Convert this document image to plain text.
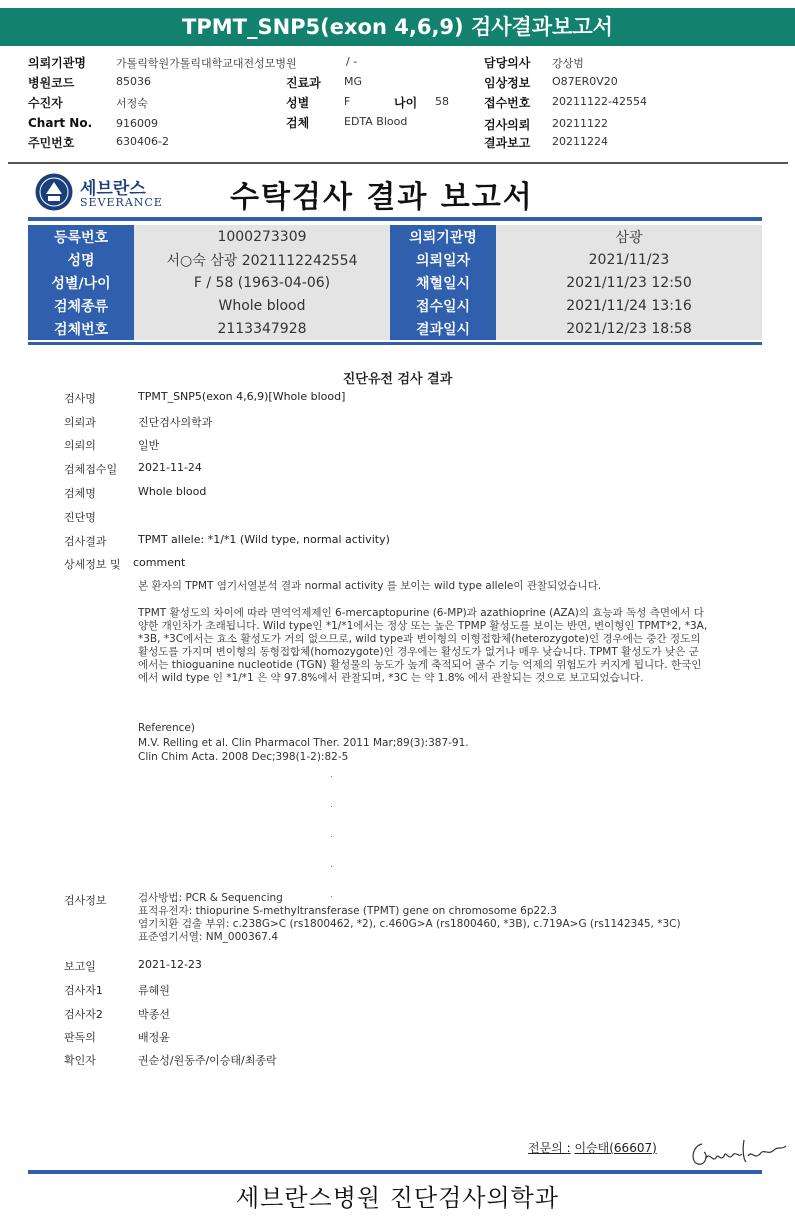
TPMT_SNP5(exon 4,6,9) 검사결과보고서
의뢰기관명	가톨릭학원가톨릭대학교대전성모병원	/ -	담당의사 강상범
병원코드	85036	진료과 MG	임상정보 O87ER0V20
수진자	서정숙	성별	F	나이 58	접수번호 20211122-42554
Chart No. 916009	검체	EDTA Blood	검사의뢰 20211122
주민번호	630406-2	결과보고 20211224
세브란스
SEVERANCE 수탁검사 결과 보고서
등록번호	1000273309	의뢰기관명	삼광
성명	서○숙 삼광 2021112242554	의뢰일자	2021/11/23
성별/나이	F / 58 (1963-04-06)	채혈일시	2021/11/23 12:50
검체종류	Whole blood	접수일시	2021/11/24 13:16
검체번호	2113347928	결과일시	2021/12/23 18:58
진단유전 검사 결과
검사명	TPMT_SNP5(exon 4,6,9)[Whole blood]
의뢰과	진단검사의학과
의뢰의	일반
검체접수일 2021-11-24
검체명	Whole blood
진단명
검사결과	TPMT allele: *1/*1 (Wild type, normal activity)
상세정보 및 comment
본 환자의 TPMT 염기서열분석 결과 normal activity 를 보이는 wild type allele이 관찰되었습니다.
TPMT 활성도의 차이에 따라 면역억제제인 6-mercaptopurine (6-MP)과 azathioprine (AZA)의 효능과 독성 측면에서 다양한 개인차가 초래됩니다. Wild type인 *1/*1에서는 정상 또는 높은 TPMP 활성도를 보이는 반면, 변이형인 TPMT*2, *3A, *3B, *3C에서는 효소 활성도가 거의 없으므로, wild type과 변이형의 이형접합체(heterozygote)인 경우에는 중간 정도의 활성도를 가지며 변이형의 동형접합체(homozygote)인 경우에는 활성도가 없거나 매우 낮습니다. TPMT 활성도가 낮은 군에서는 thioguanine nucleotide (TGN) 활성물의 농도가 높게 축적되어 골수 기능 억제의 위험도가 커지게 됩니다. 한국인에서 wild type 인 *1/*1 은 약 97.8%에서 관찰되며, *3C 는 약 1.8% 에서 관찰되는 것으로 보고되었습니다.
Reference)
M.V. Relling et al. Clin Pharmacol Ther. 2011 Mar;89(3):387-91.
Clin Chim Acta. 2008 Dec;398(1-2):82-5
.

.

.

.

.
검사정보	검사방법: PCR & Sequencing
표적유전자: thiopurine S-methyltransferase (TPMT) gene on chromosome 6p22.3
염기치환 검출 부위: c.238G>C (rs1800462, *2), c.460G>A (rs1800460, *3B), c.719A>G (rs1142345, *3C)
표준염기서열: NM_000367.4
보고일	2021-12-23
검사자1	류혜원
검사자2	박종선
판독의	배정윤
확인자	권순성/원동주/이승태/최종락
전문의 : 이승태(66607)
세브란스병원 진단검사의학과
